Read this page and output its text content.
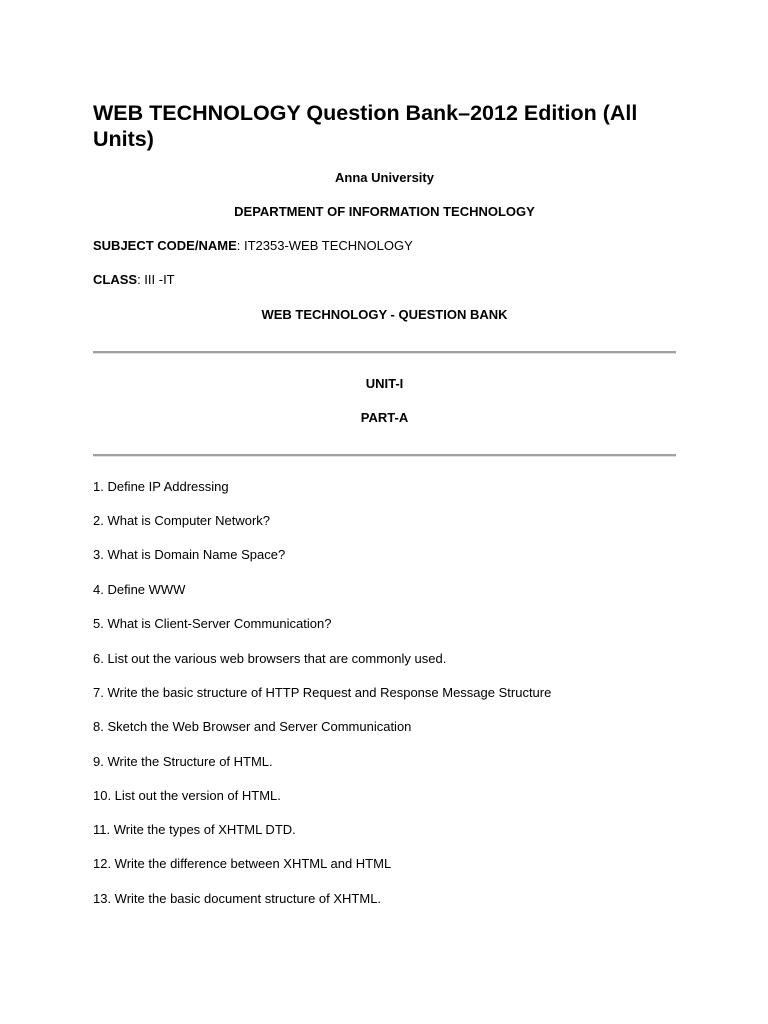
WEB TECHNOLOGY Question Bank–2012 Edition (All Units)

Anna University

DEPARTMENT OF INFORMATION TECHNOLOGY

SUBJECT CODE/NAME: IT2353-WEB TECHNOLOGY

CLASS: III -IT

WEB TECHNOLOGY - QUESTION BANK

UNIT-I

PART-A

1. Define IP Addressing

2. What is Computer Network?

3. What is Domain Name Space?

4. Define WWW

5. What is Client-Server Communication?

6. List out the various web browsers that are commonly used.

7. Write the basic structure of HTTP Request and Response Message Structure

8. Sketch the Web Browser and Server Communication

9. Write the Structure of HTML.

10. List out the version of HTML.

11. Write the types of XHTML DTD.

12. Write the difference between XHTML and HTML

13. Write the basic document structure of XHTML.
